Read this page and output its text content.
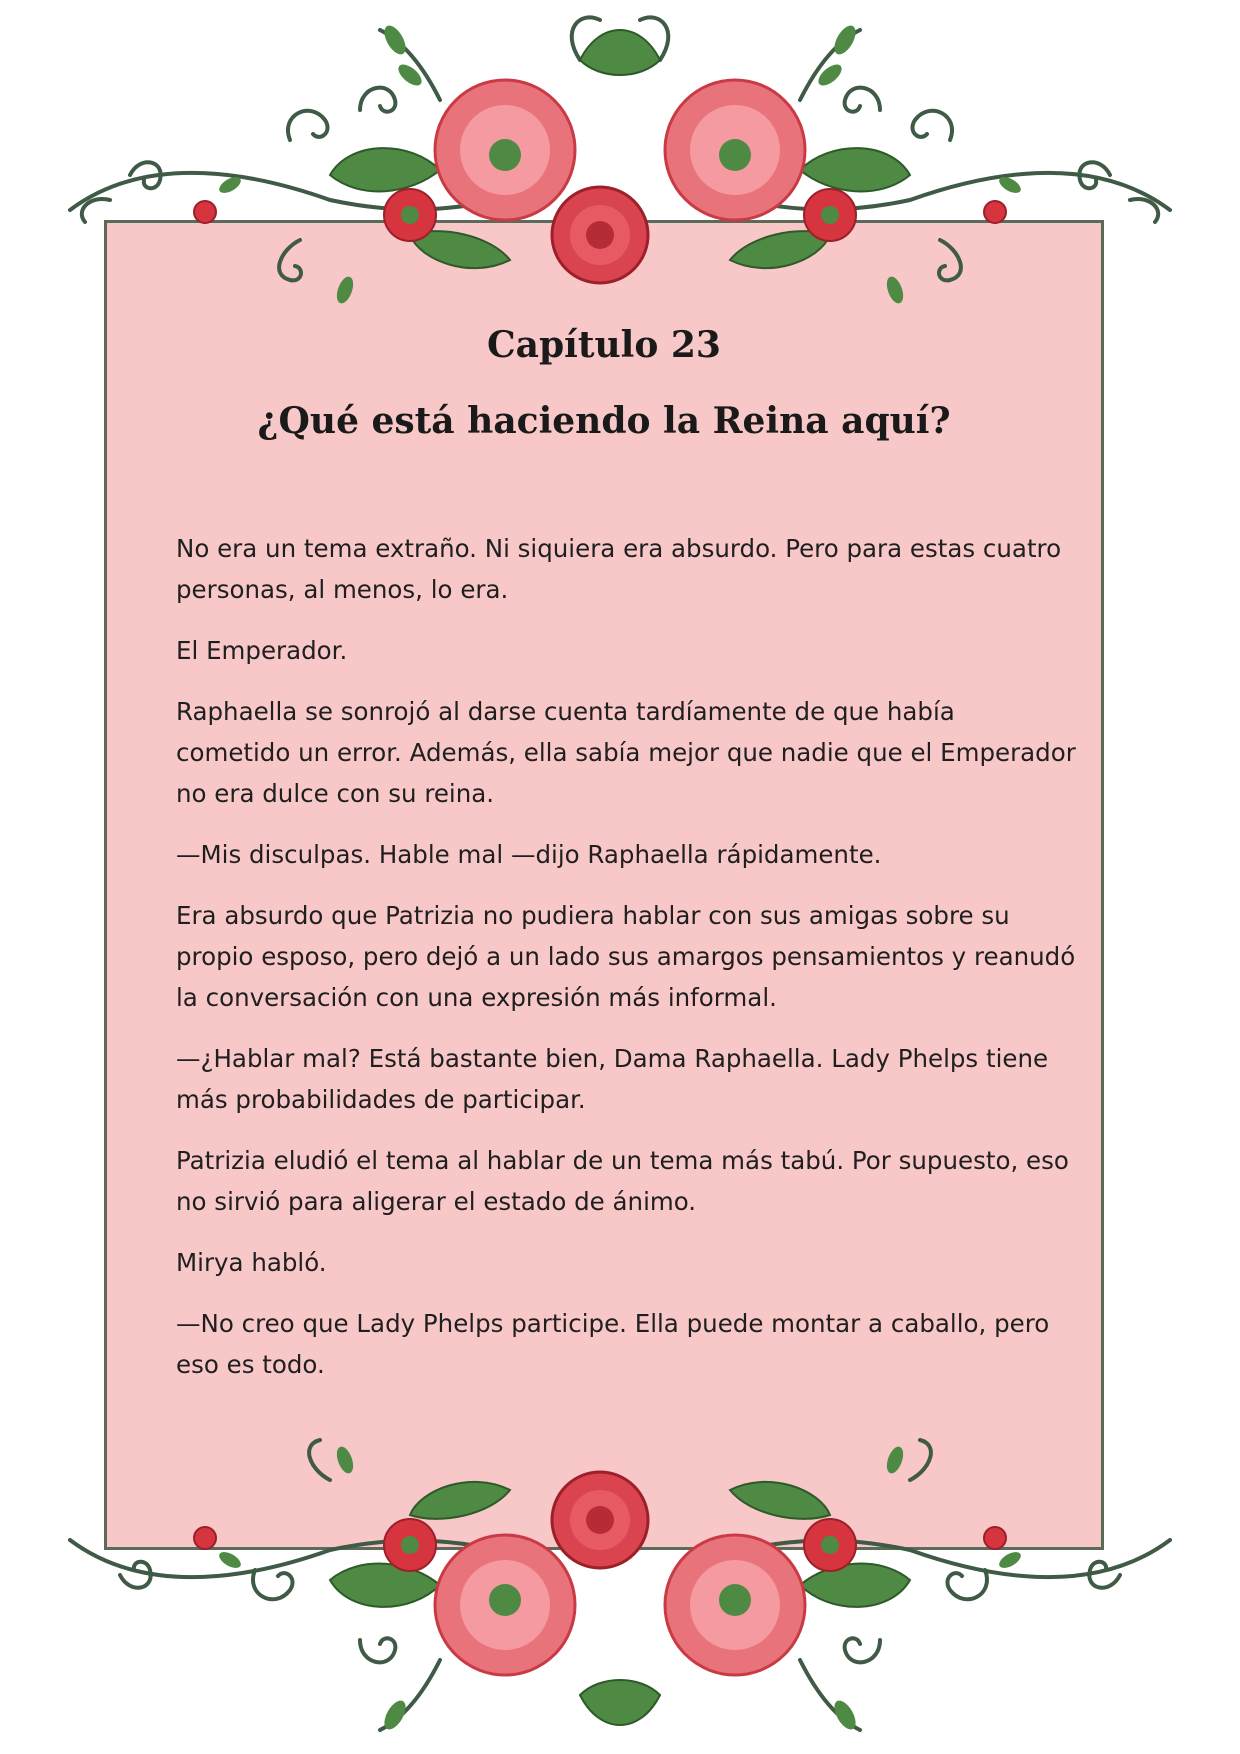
Capítulo 23

¿Qué está haciendo la Reina aquí?

No era un tema extraño. Ni siquiera era absurdo. Pero para estas cuatro personas, al menos, lo era.

El Emperador.

Raphaella se sonrojó al darse cuenta tardíamente de que había cometido un error. Además, ella sabía mejor que nadie que el Emperador no era dulce con su reina.

—Mis disculpas. Hable mal —dijo Raphaella rápidamente.

Era absurdo que Patrizia no pudiera hablar con sus amigas sobre su propio esposo, pero dejó a un lado sus amargos pensamientos y reanudó la conversación con una expresión más informal.

—¿Hablar mal? Está bastante bien, Dama Raphaella. Lady Phelps tiene más probabilidades de participar.

Patrizia eludió el tema al hablar de un tema más tabú. Por supuesto, eso no sirvió para aligerar el estado de ánimo.

Mirya habló.

—No creo que Lady Phelps participe. Ella puede montar a caballo, pero eso es todo.
